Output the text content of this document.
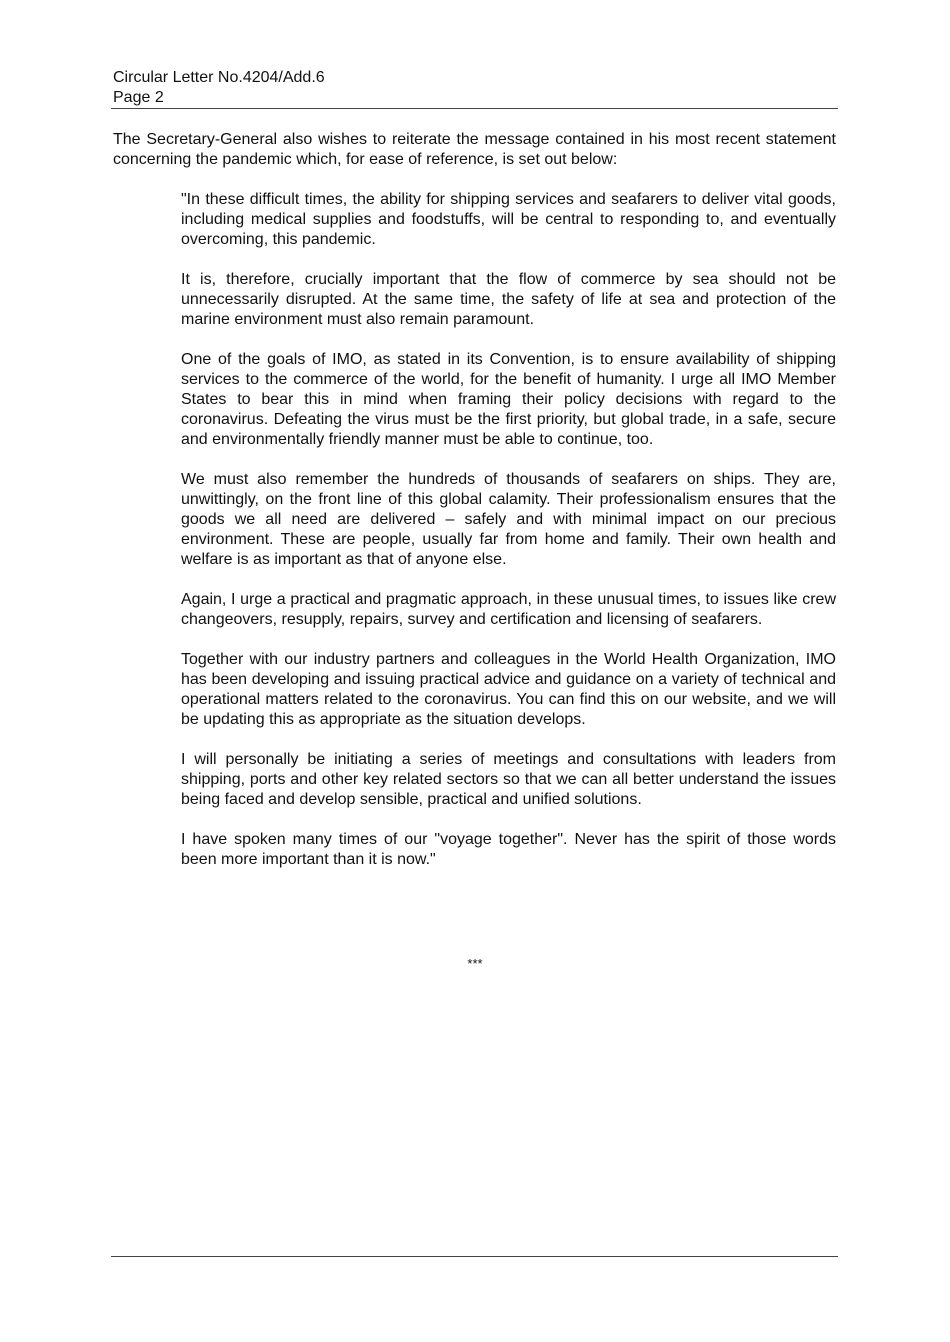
Circular Letter No.4204/Add.6
Page 2

The Secretary-General also wishes to reiterate the message contained in his most recent statement concerning the pandemic which, for ease of reference, is set out below:

"In these difficult times, the ability for shipping services and seafarers to deliver vital goods, including medical supplies and foodstuffs, will be central to responding to, and eventually overcoming, this pandemic.

It is, therefore, crucially important that the flow of commerce by sea should not be unnecessarily disrupted. At the same time, the safety of life at sea and protection of the marine environment must also remain paramount.

One of the goals of IMO, as stated in its Convention, is to ensure availability of shipping services to the commerce of the world, for the benefit of humanity. I urge all IMO Member States to bear this in mind when framing their policy decisions with regard to the coronavirus. Defeating the virus must be the first priority, but global trade, in a safe, secure and environmentally friendly manner must be able to continue, too.

We must also remember the hundreds of thousands of seafarers on ships. They are, unwittingly, on the front line of this global calamity. Their professionalism ensures that the goods we all need are delivered – safely and with minimal impact on our precious environment. These are people, usually far from home and family. Their own health and welfare is as important as that of anyone else.

Again, I urge a practical and pragmatic approach, in these unusual times, to issues like crew changeovers, resupply, repairs, survey and certification and licensing of seafarers.

Together with our industry partners and colleagues in the World Health Organization, IMO has been developing and issuing practical advice and guidance on a variety of technical and operational matters related to the coronavirus. You can find this on our website, and we will be updating this as appropriate as the situation develops.

I will personally be initiating a series of meetings and consultations with leaders from shipping, ports and other key related sectors so that we can all better understand the issues being faced and develop sensible, practical and unified solutions.

I have spoken many times of our "voyage together". Never has the spirit of those words been more important than it is now."

***
